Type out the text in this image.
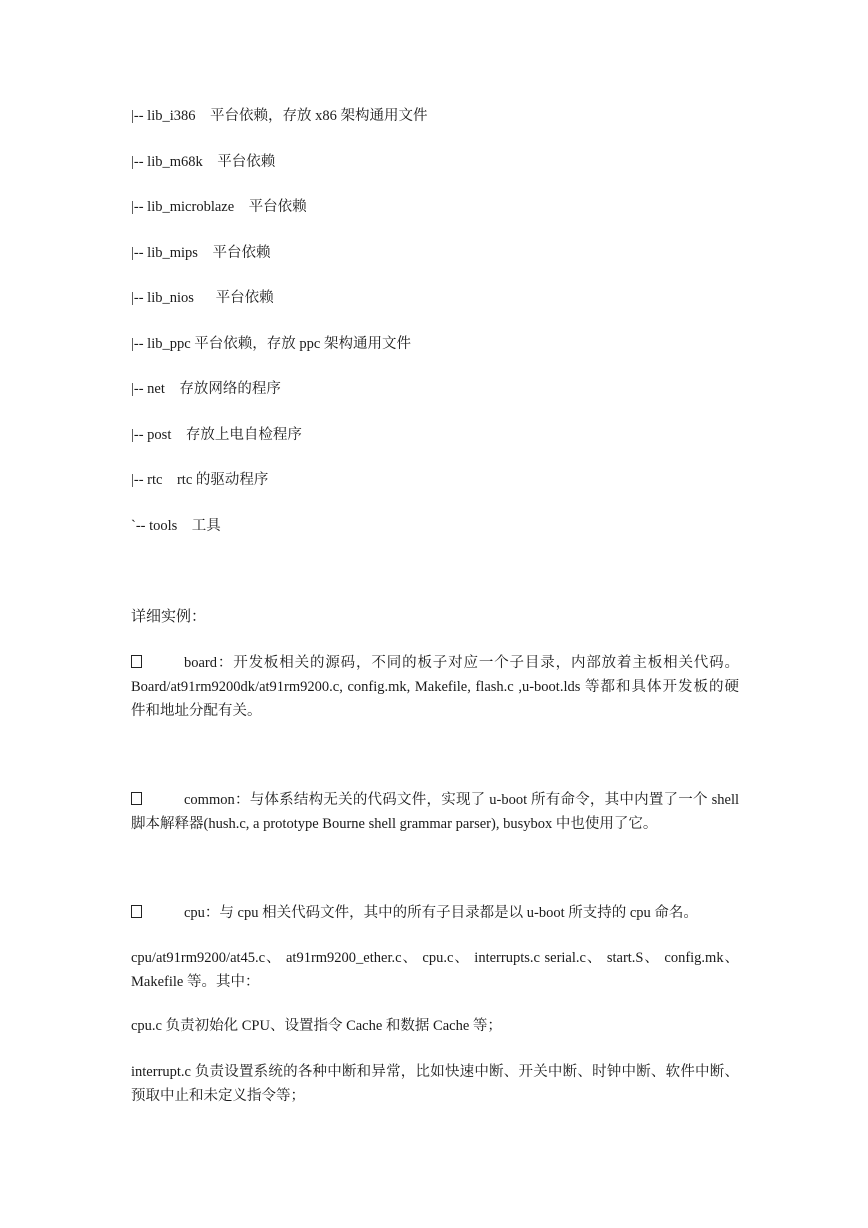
|-- lib_i386    平台依赖，存放 x86 架构通用文件
|-- lib_m68k    平台依赖
|-- lib_microblaze    平台依赖
|-- lib_mips    平台依赖
|-- lib_nios      平台依赖
|-- lib_ppc 平台依赖，存放 ppc 架构通用文件
|-- net    存放网络的程序
|-- post    存放上电自检程序
|-- rtc    rtc 的驱动程序
`-- tools    工具
详细实例：
board：开发板相关的源码，不同的板子对应一个子目录，内部放着主板相关代码。Board/at91rm9200dk/at91rm9200.c, config.mk, Makefile, flash.c ,u-boot.lds 等都和具体开发板的硬件和地址分配有关。
common：与体系结构无关的代码文件，实现了 u-boot 所有命令，其中内置了一个 shell 脚本解释器(hush.c, a prototype Bourne shell grammar parser), busybox 中也使用了它。
cpu：与 cpu 相关代码文件，其中的所有子目录都是以 u-boot 所支持的 cpu 命名。
cpu/at91rm9200/at45.c、 at91rm9200_ether.c、 cpu.c、 interrupts.c serial.c、 start.S、 config.mk、Makefile 等。其中：
cpu.c 负责初始化 CPU、设置指令 Cache 和数据 Cache 等；
interrupt.c 负责设置系统的各种中断和异常，比如快速中断、开关中断、时钟中断、软件中断、预取中止和未定义指令等；
